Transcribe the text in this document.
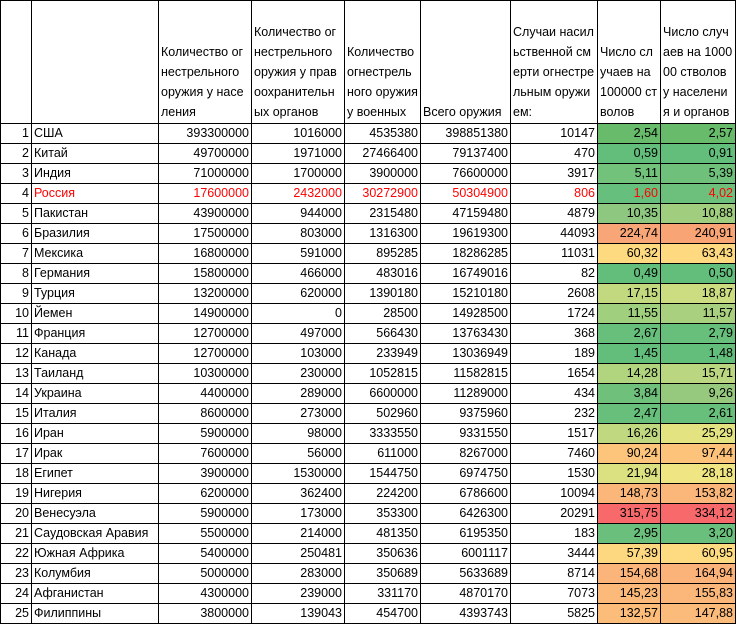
		Количество огнестрельного оружия у населения	Количество огнестрельного оружия у правоохранительных органов	Количество огнестрельного оружия у военных	Всего оружия	Случаи насильственной смерти огнестрельным оружием:	Число случаев на 100000 стволов	Число случаев на 100000 стволов у населения и органов
1	США	393300000	1016000	4535380	398851380	10147	2,54	2,57
2	Китай	49700000	1971000	27466400	79137400	470	0,59	0,91
3	Индия	71000000	1700000	3900000	76600000	3917	5,11	5,39
4	Россия	17600000	2432000	30272900	50304900	806	1,60	4,02
5	Пакистан	43900000	944000	2315480	47159480	4879	10,35	10,88
6	Бразилия	17500000	803000	1316300	19619300	44093	224,74	240,91
7	Мексика	16800000	591000	895285	18286285	11031	60,32	63,43
8	Германия	15800000	466000	483016	16749016	82	0,49	0,50
9	Турция	13200000	620000	1390180	15210180	2608	17,15	18,87
10	Йемен	14900000	0	28500	14928500	1724	11,55	11,57
11	Франция	12700000	497000	566430	13763430	368	2,67	2,79
12	Канада	12700000	103000	233949	13036949	189	1,45	1,48
13	Таиланд	10300000	230000	1052815	11582815	1654	14,28	15,71
14	Украина	4400000	289000	6600000	11289000	434	3,84	9,26
15	Италия	8600000	273000	502960	9375960	232	2,47	2,61
16	Иран	5900000	98000	3333550	9331550	1517	16,26	25,29
17	Ирак	7600000	56000	611000	8267000	7460	90,24	97,44
18	Египет	3900000	1530000	1544750	6974750	1530	21,94	28,18
19	Нигерия	6200000	362400	224200	6786600	10094	148,73	153,82
20	Венесуэла	5900000	173000	353300	6426300	20291	315,75	334,12
21	Саудовская Аравия	5500000	214000	481350	6195350	183	2,95	3,20
22	Южная Африка	5400000	250481	350636	6001117	3444	57,39	60,95
23	Колумбия	5000000	283000	350689	5633689	8714	154,68	164,94
24	Афганистан	4300000	239000	331170	4870170	7073	145,23	155,83
25	Филиппины	3800000	139043	454700	4393743	5825	132,57	147,88
